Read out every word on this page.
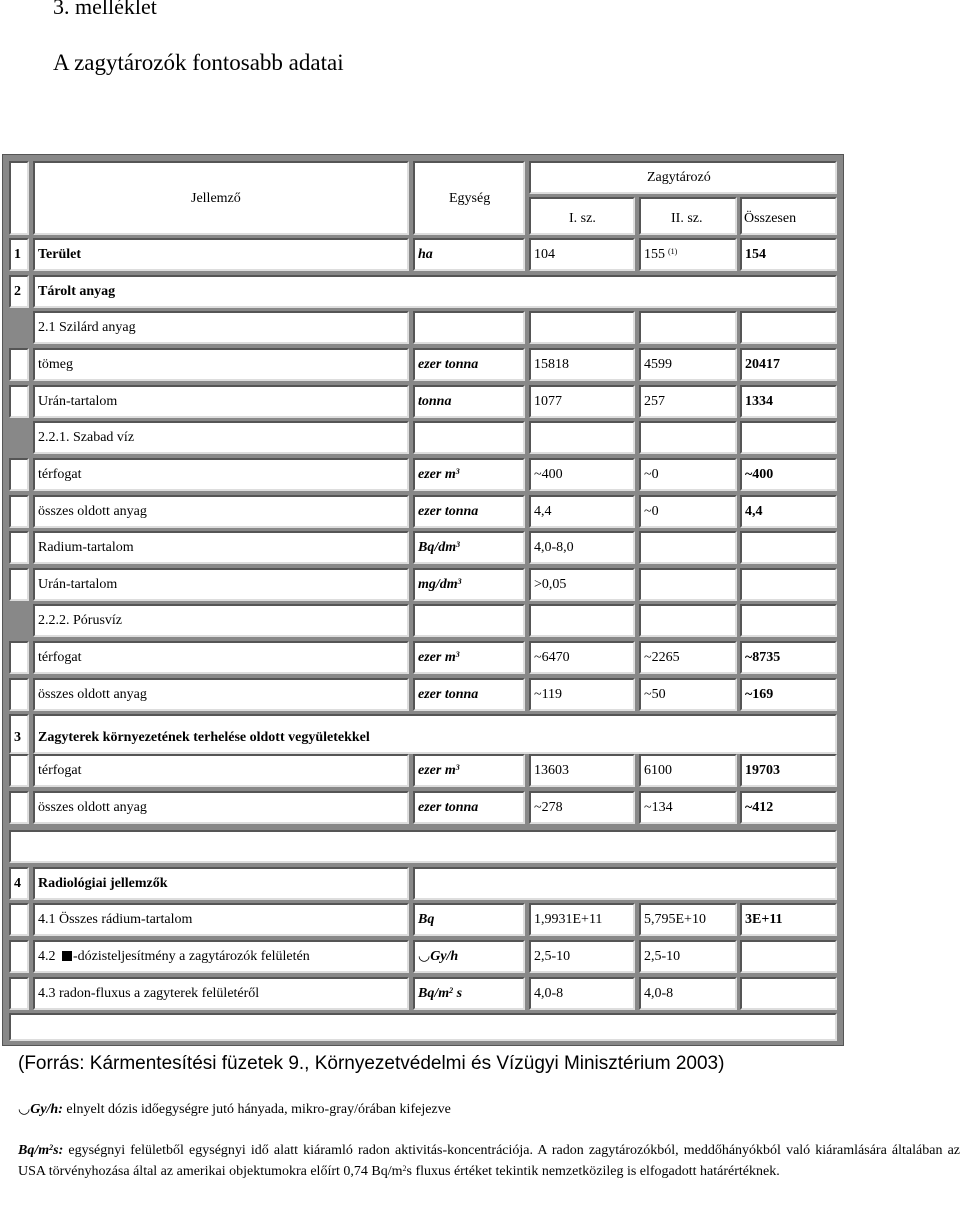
3. melléklet
A zagytározók fontosabb adatai
Jellemző	Egység
Zagytározó
I. sz.	II. sz.	Összesen
1 Terület	ha	104	155 $^{(1)}$	154
2 Tárolt anyag
2.1 Szilárd anyag
tömeg	ezer tonna	15818	4599	20417
Urán-tartalom	tonna	1077	257	1334
2.2.1. Szabad víz
térfogat	ezer $m^3$	~400	~0	~400
összes oldott anyag	ezer tonna	4,4	~0	4,4
Radium-tartalom	$Bq/dm^3$	4,0-8,0
Urán-tartalom	$mg/dm^3$	>0,05
2.2.2. Pórusvíz
térfogat	ezer $m^3$	~6470	~2265	~8735
összes oldott anyag	ezer tonna	~119	~50	~169
3 Zagyterek környezetének terhelése oldott vegyületekkel
térfogat	ezer $m^3$	13603	6100	19703
összes oldott anyag	ezer tonna	~278	~134	~412
4 Radiológiai jellemzők
4.1 Összes rádium-tartalom	Bq	1,9931E+11	5,795E+10	3E+11
4.2 -dózisteljesítmény a zagytározók felületén	◡Gy/h	2,5-10	2,5-10
4.3 radon-fluxus a zagyterek felületéről	$Bq/m^2$ s	4,0-8	4,0-8
(Forrás: Kármentesítési füzetek 9., Környezetvédelmi és Vízügyi Minisztérium 2003)
◡Gy/h: elnyelt dózis időegységre jutó hányada, mikro-gray/órában kifejezve
$Bq/m^2s$: egységnyi felületből egységnyi idő alatt kiáramló radon aktivitás-koncentrációja. A radon zagytározókból, meddőhányókból való kiáramlására általában az USA törvényhozása által az amerikai objektumokra előírt 0,74 $Bq/m^2s$ fluxus értéket tekintik nemzetközileg is elfogadott határértéknek.
